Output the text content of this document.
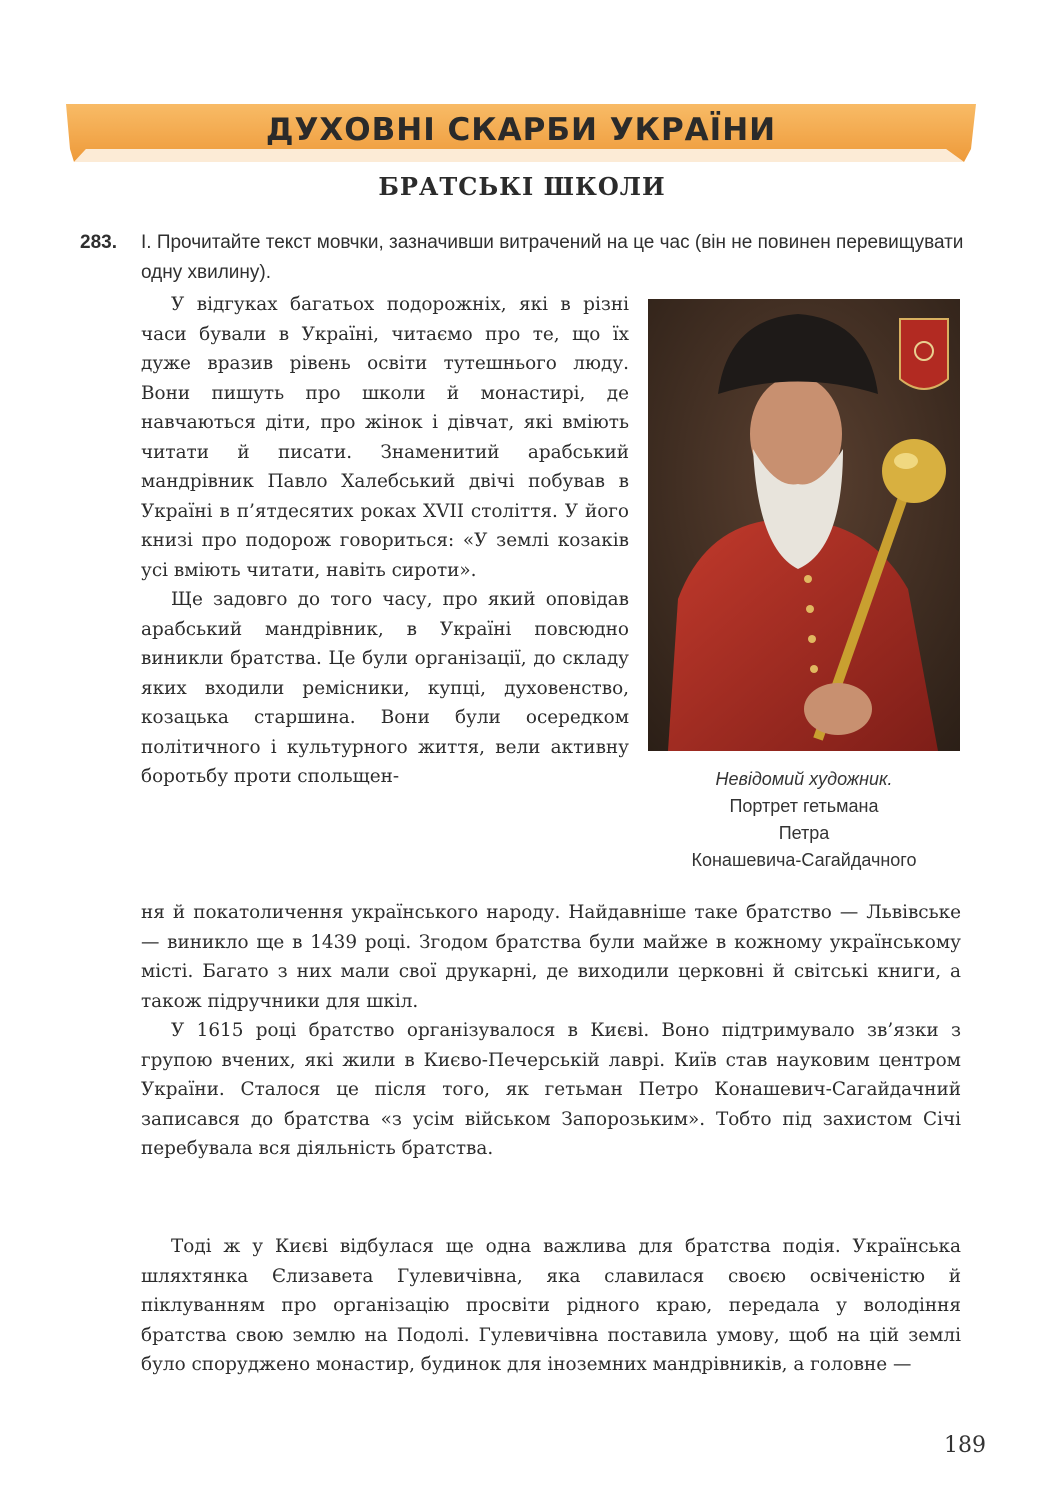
ДУХОВНІ СКАРБИ УКРАЇНИ
БРАТСЬКІ ШКОЛИ
283.	І. Прочитайте текст мовчки, зазначивши витрачений на це час (він не повинен перевищувати одну хвилину).
Невідомий художник.
Портрет гетьмана
Петра
Конашевича-Сагайдачного

У відгуках багатьох подорожніх, які в різні часи бували в Україні, читаємо про те, що їх дуже вразив рівень освіти тутешнього люду. Вони пишуть про школи й монастирі, де навчаються діти, про жінок і дівчат, які вміють читати й писати. Знаменитий арабський мандрівник Павло Халебський двічі побував в Україні в п’ятдесятих роках XVII століття. У його книзі про подорож говориться: «У землі козаків усі вміють читати, навіть сироти».

Ще задовго до того часу, про який оповідав арабський мандрівник, в Україні повсюдно виникли братства. Це були організації, до складу яких входили ремісники, купці, духовенство, козацька старшина. Вони були осередком політичного і культурного життя, вели активну боротьбу проти спольщен-

ня й покатоличення українського народу. Найдавніше таке братство — Львівське — виникло ще в 1439 році. Згодом братства були майже в кожному українському місті. Багато з них мали свої друкарні, де виходили церковні й світські книги, а також підручники для шкіл.

У 1615 році братство організувалося в Києві. Воно підтримувало зв’язки з групою вчених, які жили в Києво-Печерській лаврі. Київ став науковим центром України. Сталося це після того, як гетьман Петро Конашевич-Сагайдачний записався до братства «з усім військом Запорозьким». Тобто під захистом Січі перебувала вся діяльність братства.

Тоді ж у Києві відбулася ще одна важлива для братства подія. Українська шляхтянка Єлизавета Гулевичівна, яка славилася своєю освіченістю й піклуванням про організацію просвіти рідного краю, передала у володіння братства свою землю на Подолі. Гулевичівна поставила умову, щоб на цій землі було споруджено монастир, будинок для іноземних мандрівників, а головне —

189
